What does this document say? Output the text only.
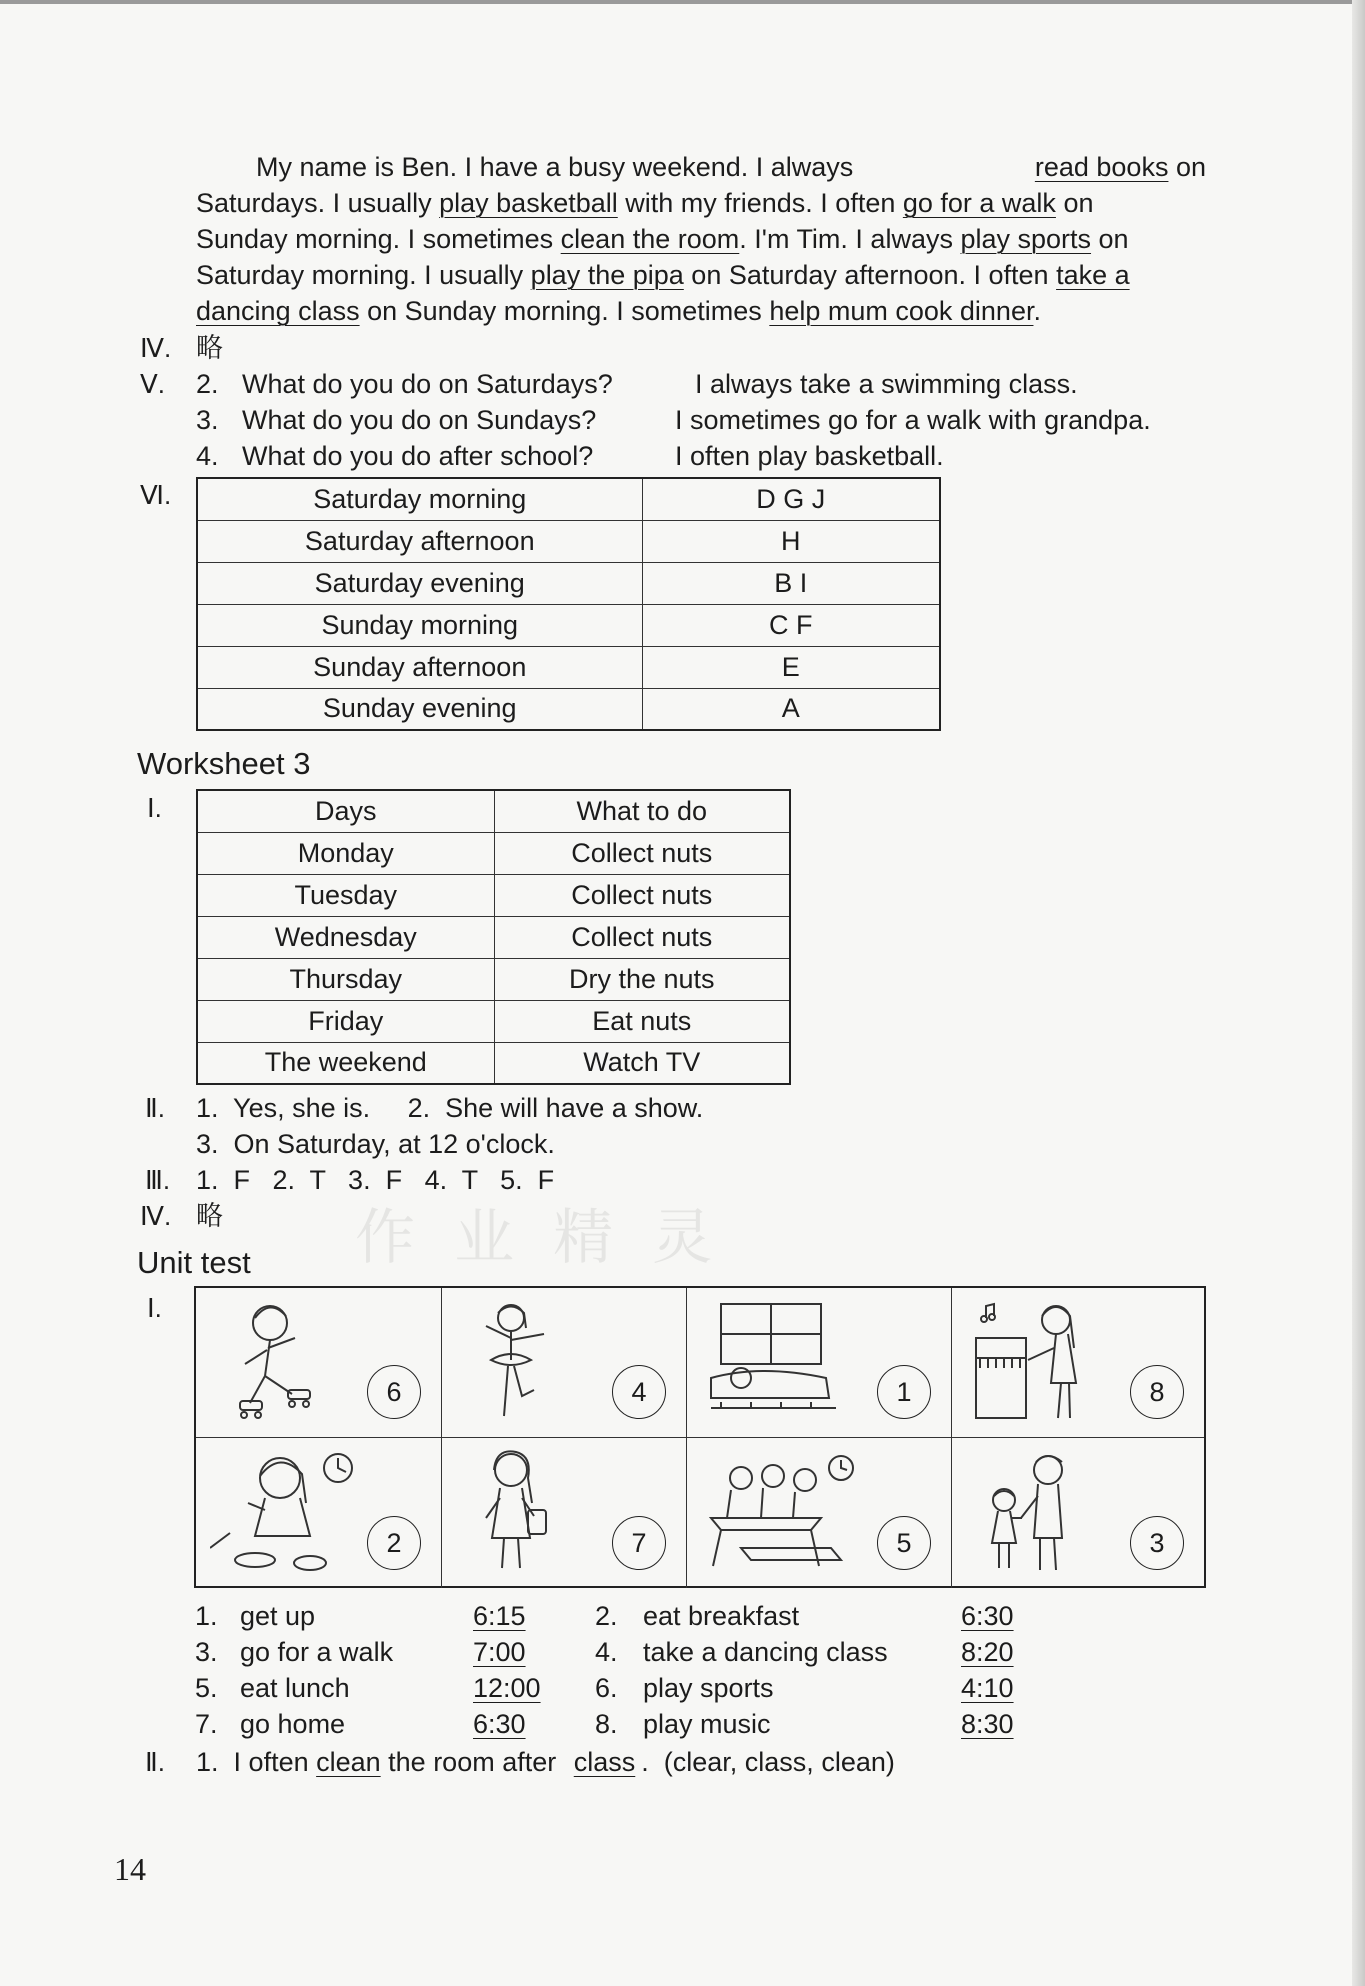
My name is Ben. I have a busy weekend. I always	read books on
Saturdays. I usually play basketball with my friends. I often go for a walk on
Sunday morning. I sometimes clean the room. I'm Tim. I always play sports on
Saturday morning. I usually play the pipa on Saturday afternoon. I often take a
dancing class on Sunday morning. I sometimes help mum cook dinner.
Ⅳ. 略
Ⅴ. 2. What do you do on Saturdays?	I always take a swimming class.
3. What do you do on Sundays?	I sometimes go for a walk with grandpa.
4. What do you do after school?	I often play basketball.
Ⅵ.	Saturday morning	D G J
Saturday afternoon	H
Saturday evening	B I
Sunday morning	C F
Sunday afternoon	E
Sunday evening	A
Worksheet 3
Ⅰ.	Days	What to do
Monday	Collect nuts
Tuesday	Collect nuts
Wednesday	Collect nuts
Thursday	Dry the nuts
Friday	Eat nuts
The weekend	Watch TV
Ⅱ. 1.  Yes, she is.     2.  She will have a show.
3.  On Saturday, at 12 o'clock.
Ⅲ. 1.  F   2.  T   3.  F   4.  T   5.  F
Ⅳ. 略 作 业 精 灵
Unit test
Ⅰ.
6	4	1	8
2	7	5	3
1. get up	6:15	2. eat breakfast	6:30
3. go for a walk	7:00	4. take a dancing class	8:20
5. eat lunch	12:00 6. play sports	4:10
7. go home	6:30	8. play music	8:30
Ⅱ. 1. I often clean the room after class .  (clear, class, clean)
14
